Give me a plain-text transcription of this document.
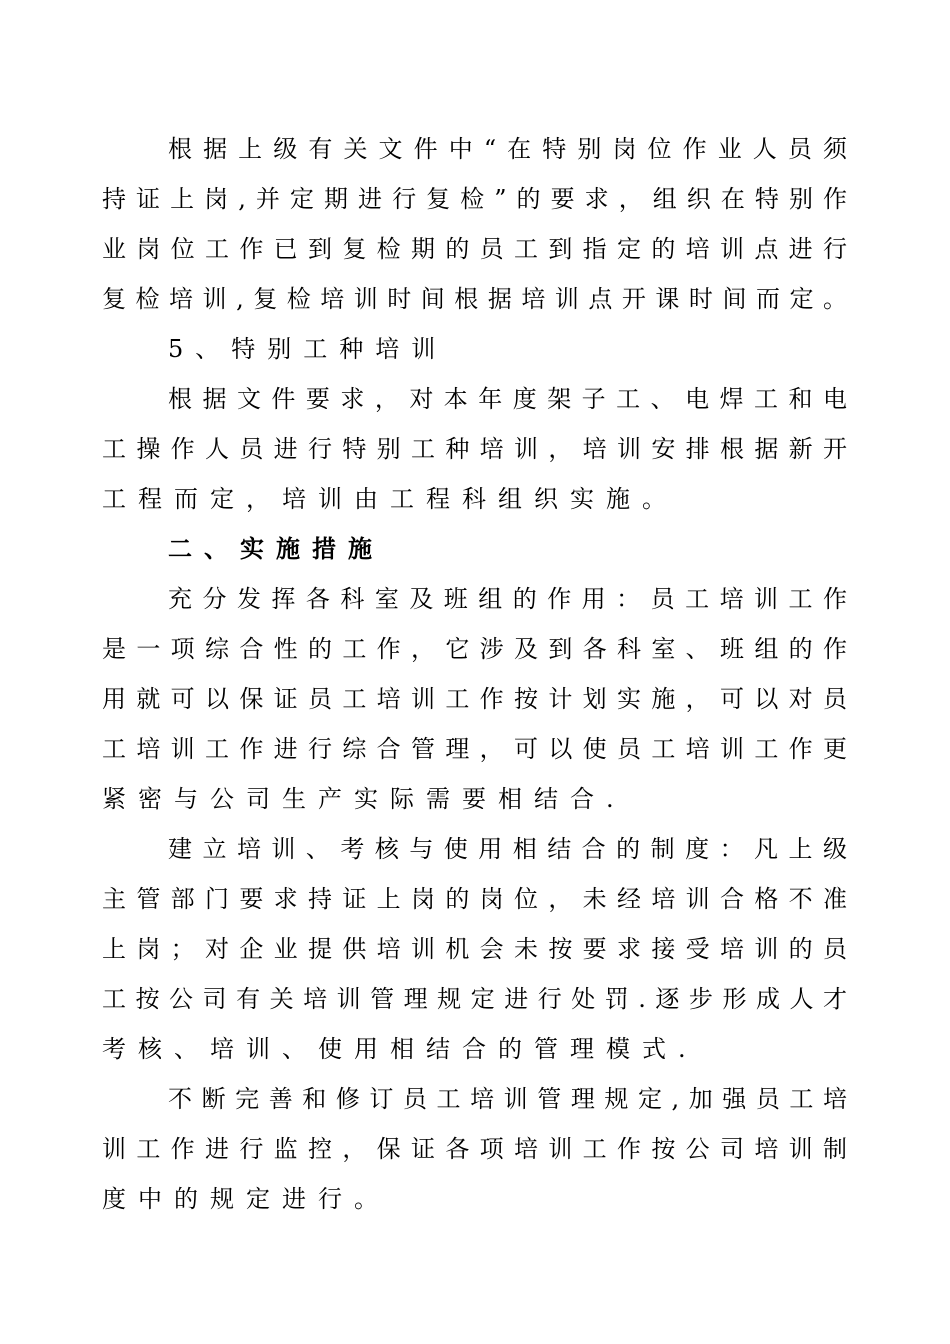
根据上级有关文件中“在特别岗位作业人员须
持证上岗,并定期进行复检”的要求，组织在特别作
业岗位工作已到复检期的员工到指定的培训点进行
复检培训,复检培训时间根据培训点开课时间而定。
5、特别工种培训
根据文件要求，对本年度架子工、电焊工和电
工操作人员进行特别工种培训，培训安排根据新开
工程而定，培训由工程科组织实施。
二、实施措施
充分发挥各科室及班组的作用：员工培训工作
是一项综合性的工作，它涉及到各科室、班组的作
用就可以保证员工培训工作按计划实施，可以对员
工培训工作进行综合管理，可以使员工培训工作更
紧密与公司生产实际需要相结合.
建立培训、考核与使用相结合的制度：凡上级
主管部门要求持证上岗的岗位，未经培训合格不准
上岗；对企业提供培训机会未按要求接受培训的员
工按公司有关培训管理规定进行处罚.逐步形成人才
考核、培训、使用相结合的管理模式.
不断完善和修订员工培训管理规定,加强员工培
训工作进行监控，保证各项培训工作按公司培训制
度中的规定进行。
